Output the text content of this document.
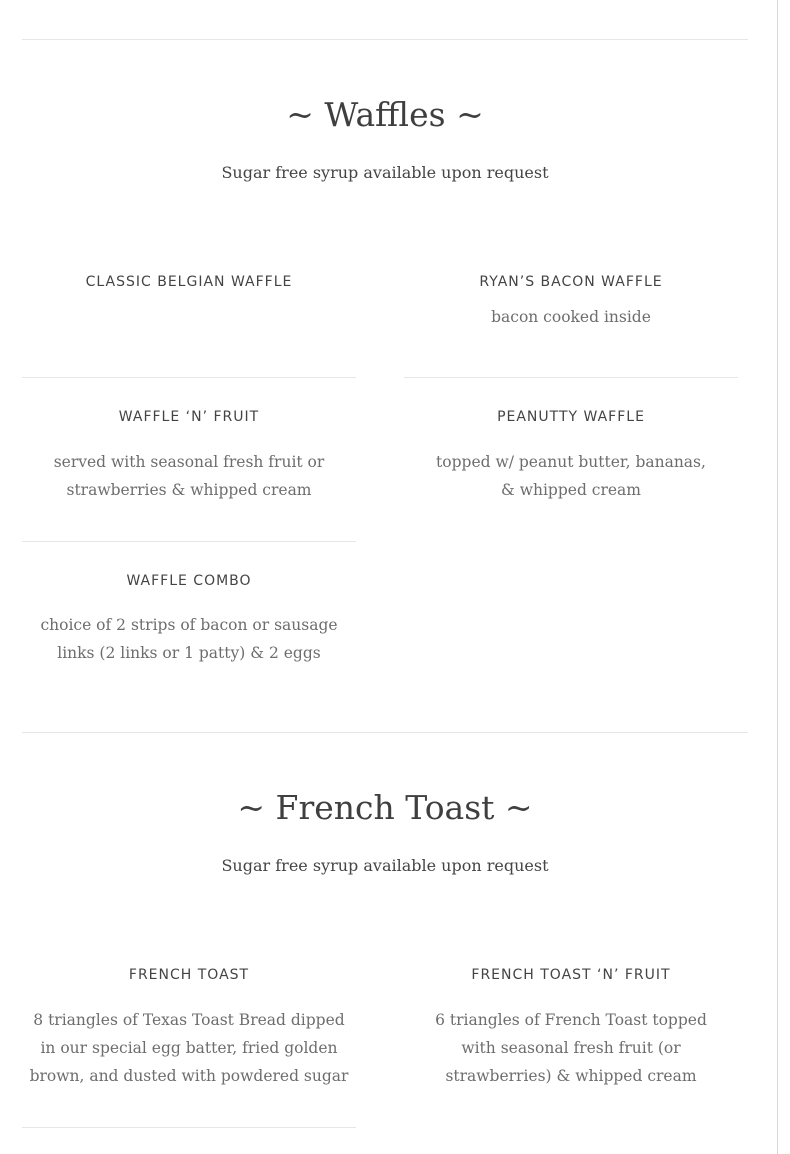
~ Waffles ~
Sugar free syrup available upon request
CLASSIC BELGIAN WAFFLE	RYAN’S BACON WAFFLE
bacon cooked inside
WAFFLE ‘N’ FRUIT
served with seasonal fresh fruit or strawberries & whipped cream
PEANUTTY WAFFLE
topped w/ peanut butter, bananas, & whipped cream
WAFFLE COMBO
choice of 2 strips of bacon or sausage links (2 links or 1 patty) & 2 eggs
~ French Toast ~
Sugar free syrup available upon request
FRENCH TOAST
8 triangles of Texas Toast Bread dipped in our special egg batter, fried golden brown, and dusted with powdered sugar
FRENCH TOAST ‘N’ FRUIT
6 triangles of French Toast topped with seasonal fresh fruit (or strawberries) & whipped cream
